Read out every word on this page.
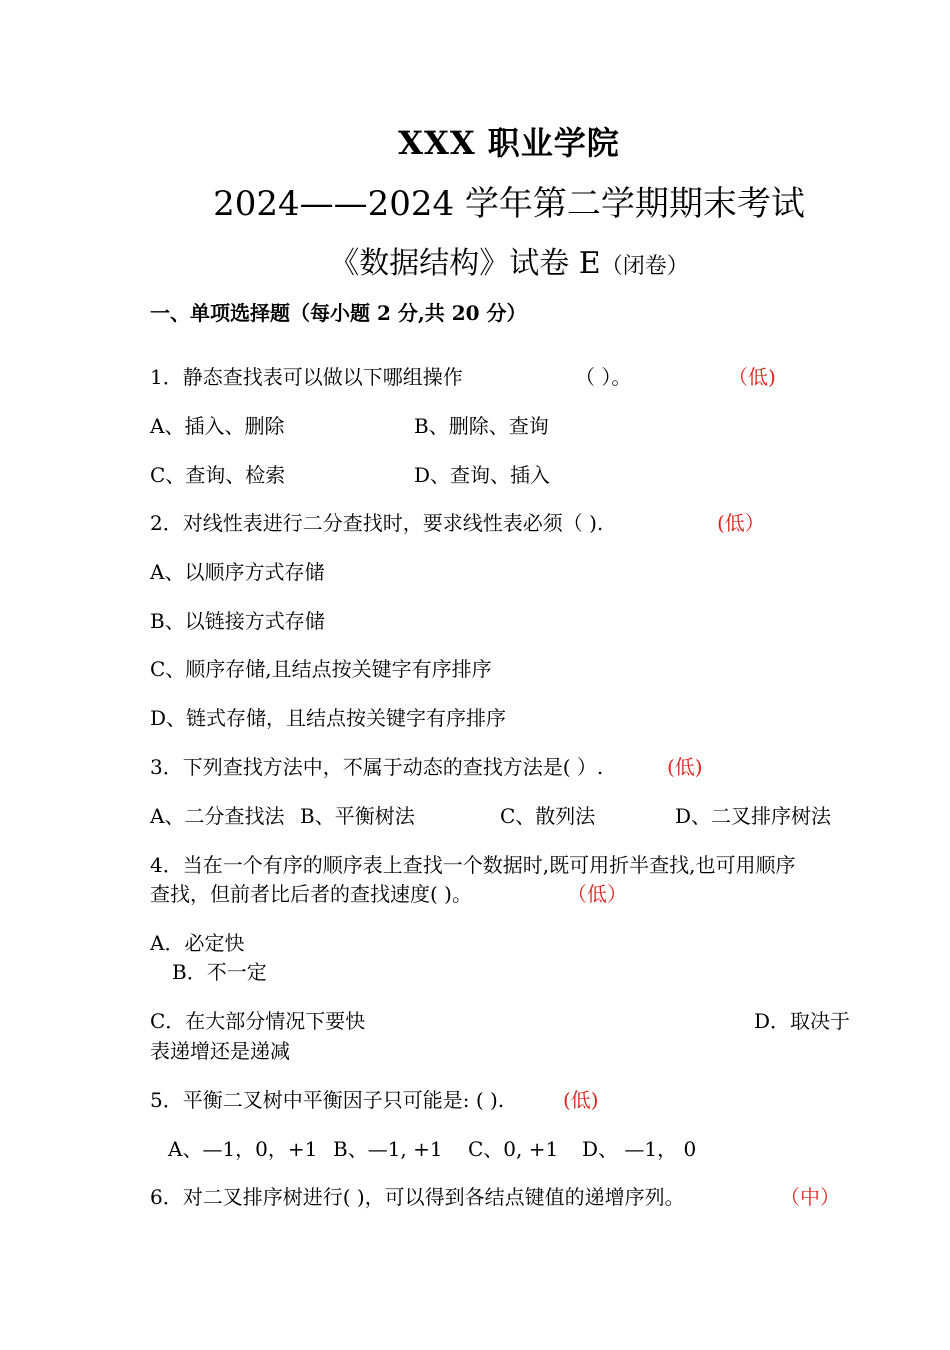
XXX 职业学院
2024——2024 学年第二学期期末考试
《数据结构》试卷 E（闭卷）
一、单项选择题（每小题 2 分,共 20 分）
1．静态查找表可以做以下哪组操作	（ ）。	（低)
A、插入、删除	B、删除、查询
C、查询、检索	D、查询、插入
2．对线性表进行二分查找时，要求线性表必须（ ).	(低）
A、以顺序方式存储
B、以链接方式存储
C、顺序存储,且结点按关键字有序排序
D、链式存储，且结点按关键字有序排序
3．下列查找方法中，不属于动态的查找方法是( ）.	(低)
A、二分查找法 B、平衡树法	C、散列法	D、二叉排序树法
4．当在一个有序的顺序表上查找一个数据时,既可用折半查找,也可用顺序
查找，但前者比后者的查找速度( )。	（低）
A．必定快
B．不一定
C．在大部分情况下要快	D．取决于
表递增还是递减
5．平衡二叉树中平衡因子只可能是: ( ).	(低)
A、—1，0，+1 B、—1, +1 C、0, +1 D、 —1， 0
6．对二叉排序树进行( )，可以得到各结点键值的递增序列。	（中）
